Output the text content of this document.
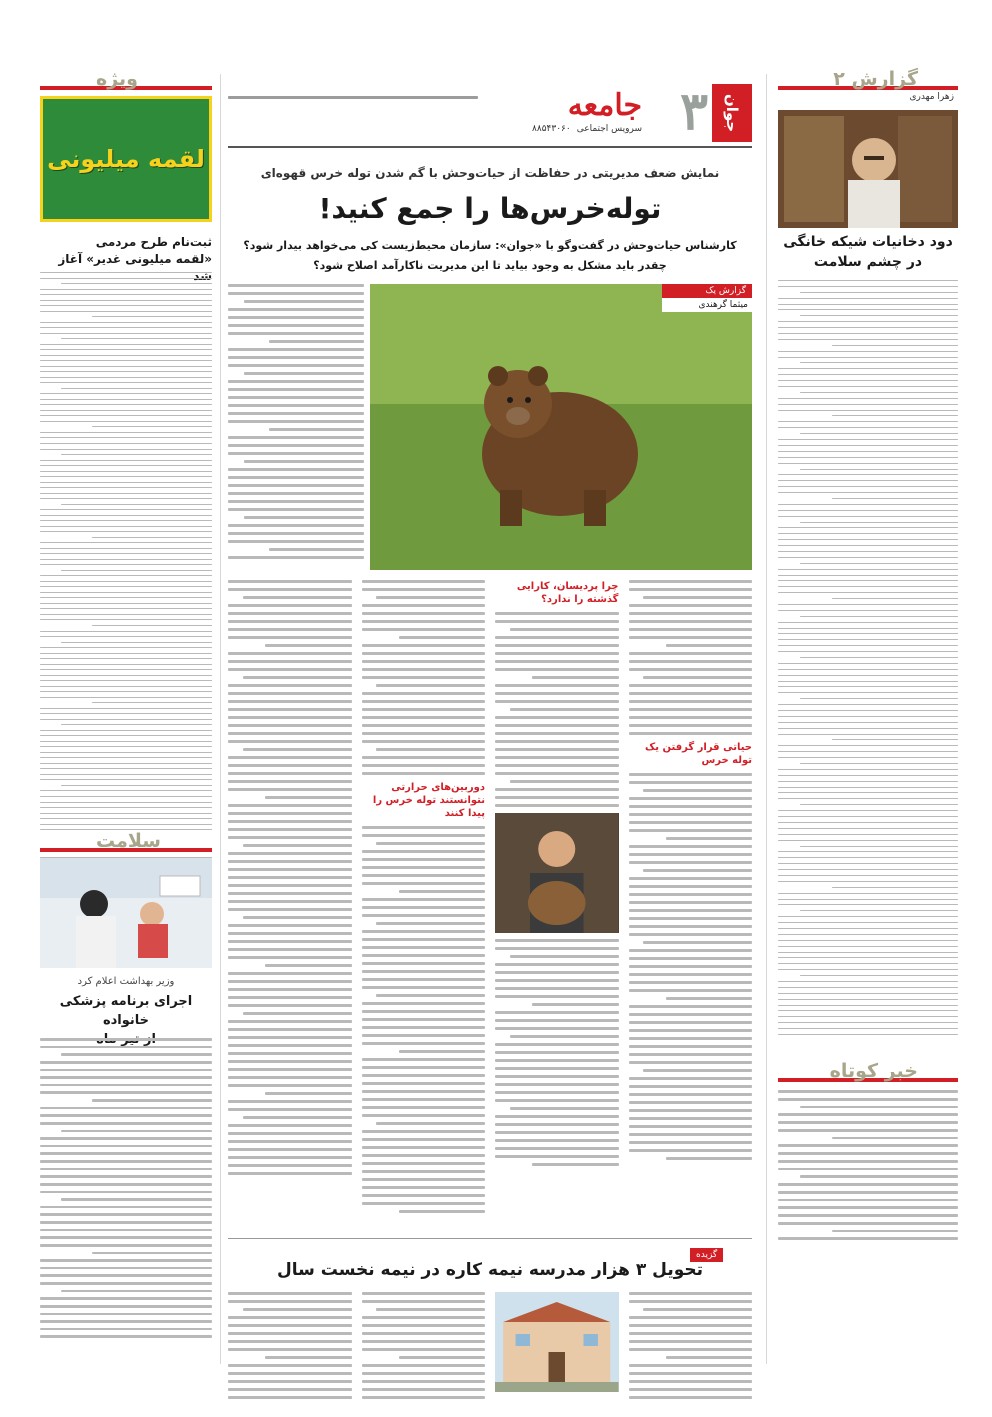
جوان
۳
جامعه
سرویس اجتماعی
۸۸۵۴۳۰۶۰
گزارش ۲
زهرا مهدری
دود دخانیات شیکه خانگی
در چشم سلامت
خبر کوتاه
نمایش ضعف مدیریتی در حفاظت از حیات‌وحش با گم شدن توله خرس قهوه‌ای
توله‌خرس‌ها را جمع کنید!
کارشناس حیات‌وحش در گفت‌وگو با «جوان»: سازمان محیط‌زیست کی می‌خواهد بیدار شود؟
چقدر باید مشکل به وجود بیاید تا این مدیریت ناکارآمد اصلاح شود؟
گزارش یک
میثما گرهندی
دوربین‌های حرارتی نتوانستند توله خرس را پیدا کنند
چرا پردیسان، کارایی گذشته را ندارد؟
حیاتی قرار گرفتن یک توله خرس
گزیده
تحویل ۳ هزار مدرسه نیمه کاره در نیمه نخست سال
ویژه
لقمه میلیونی
ثبت‌نام طرح مردمی
«لقمه میلیونی غدیر» آغاز شد
سلامت
وزیر بهداشت اعلام کرد
اجرای برنامه پزشکی خانواده
